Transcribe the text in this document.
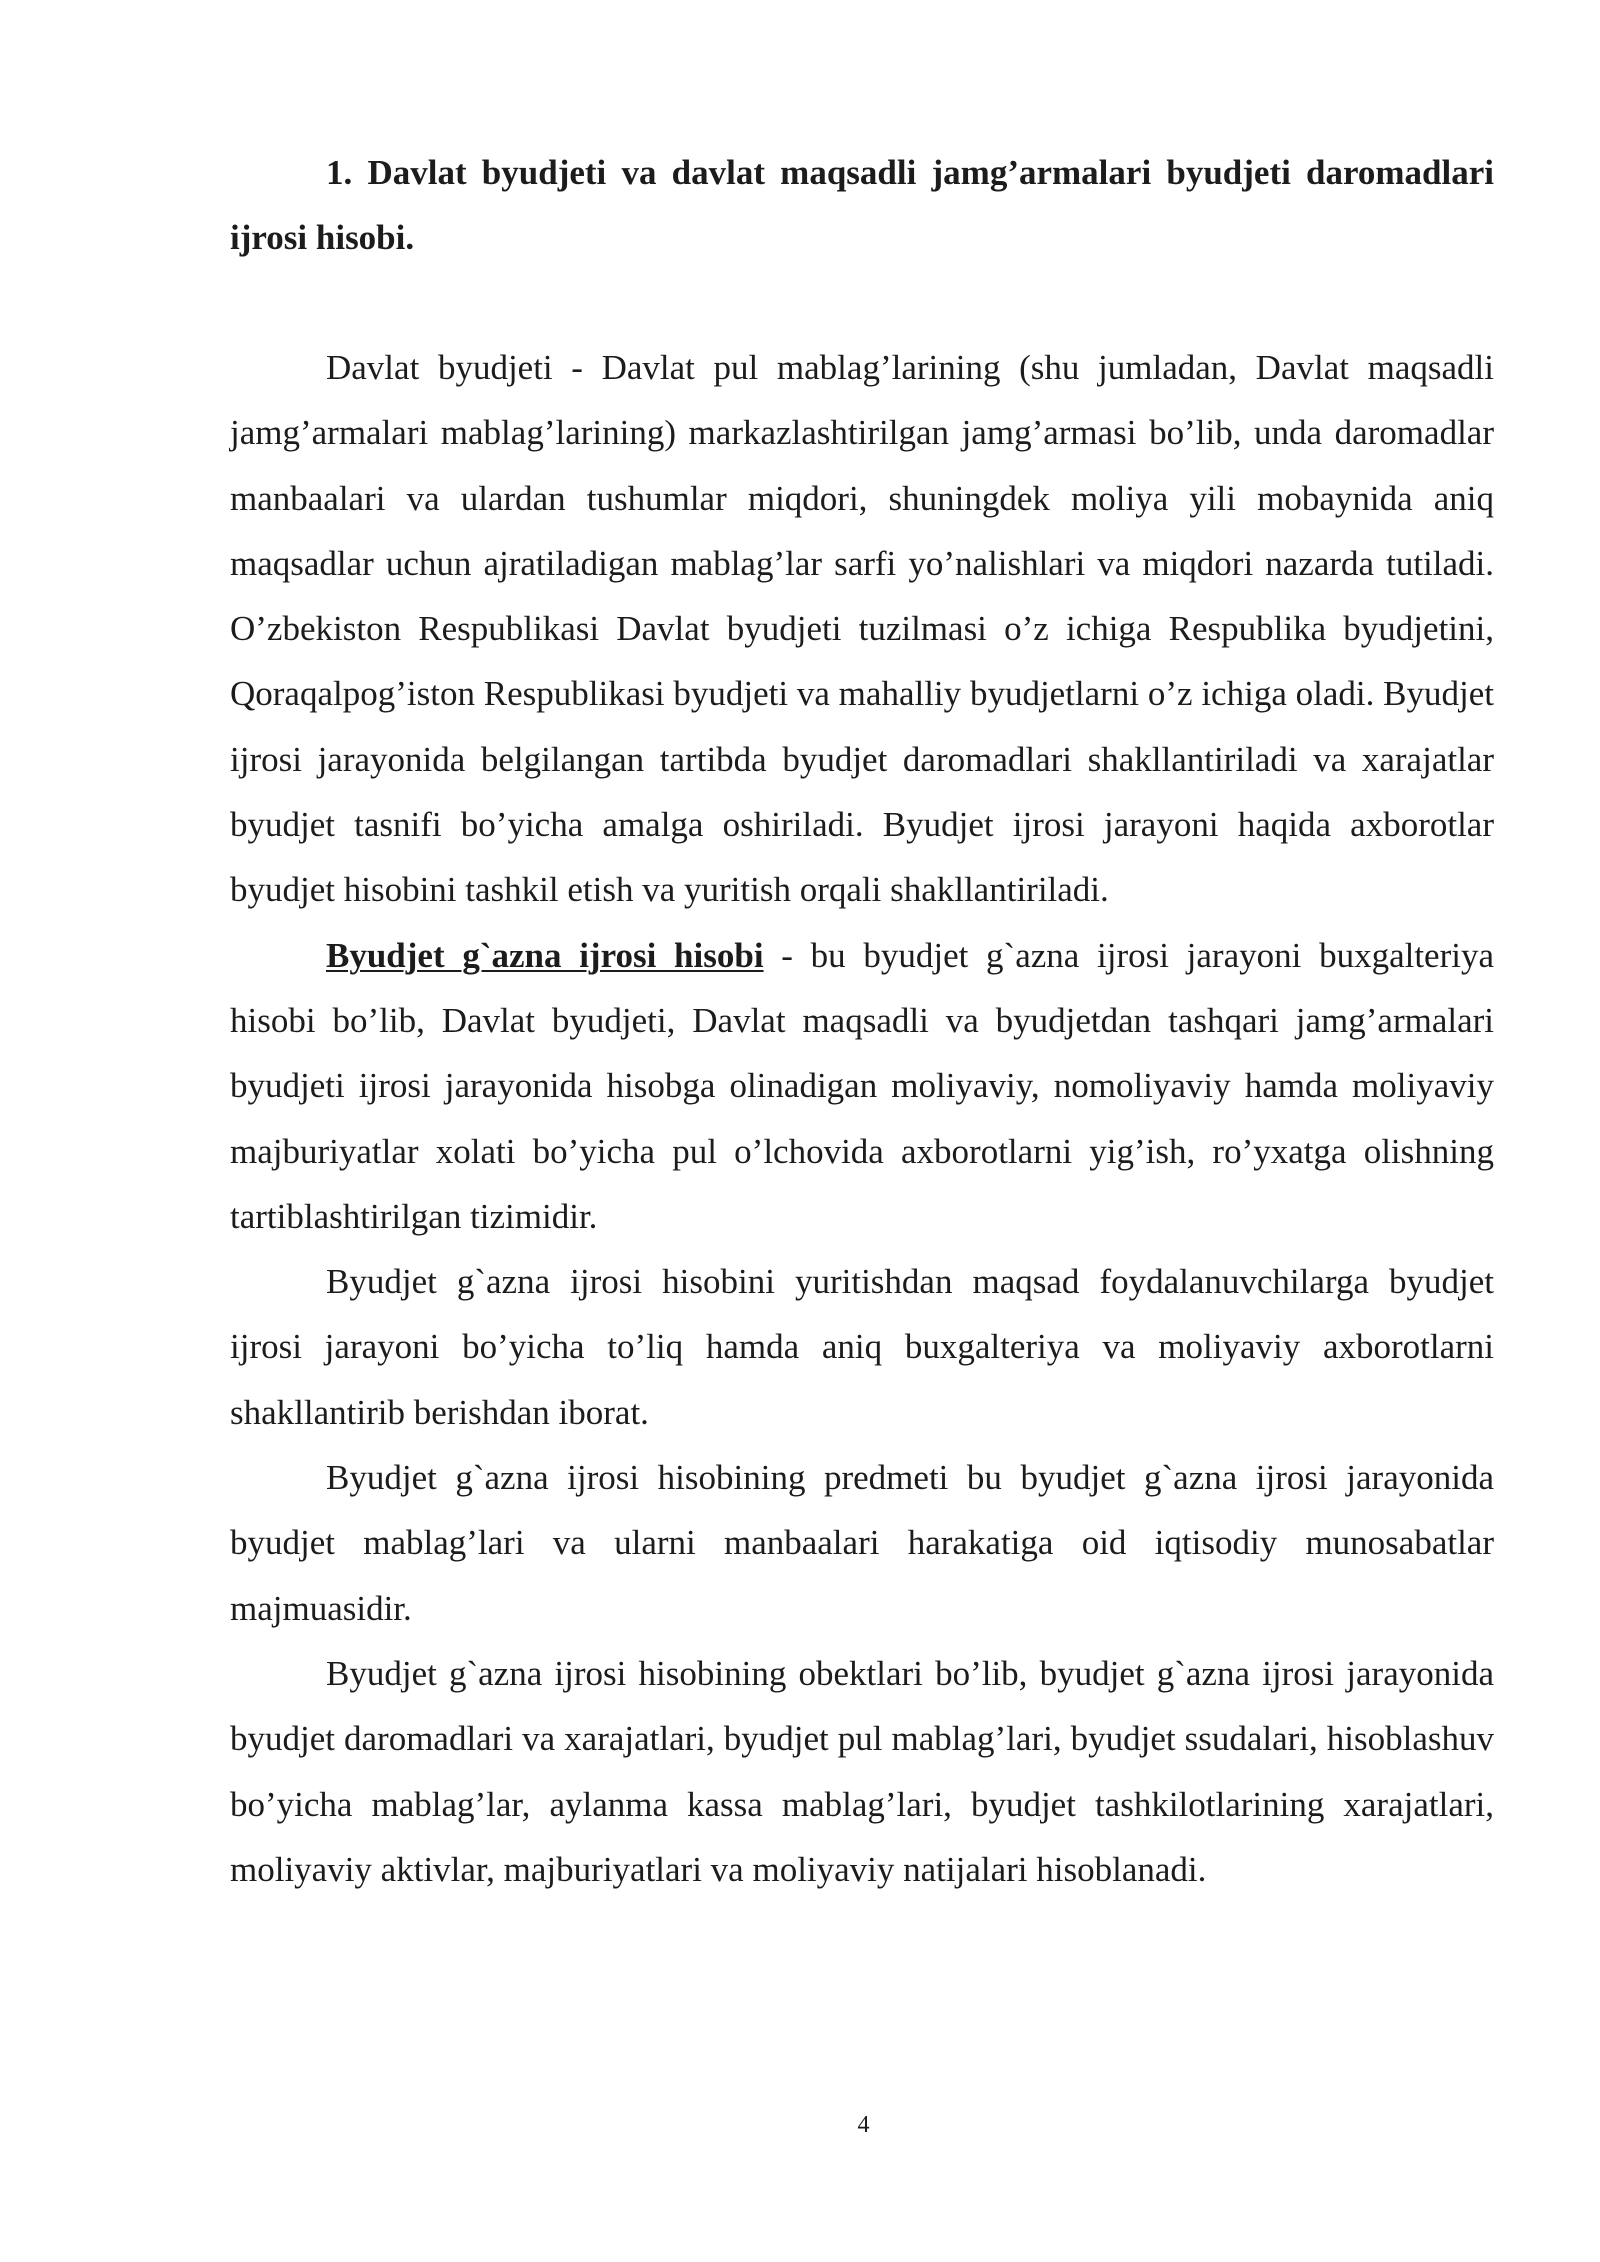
1. Davlat byudjeti va davlat maqsadli jamg’armalari byudjeti daromadlari ijrosi hisobi.

Davlat byudjeti - Davlat pul mablag’larining (shu jumladan, Davlat maqsadli jamg’armalari mablag’larining) markazlashtirilgan jamg’armasi bo’lib, unda daromadlar manbaalari va ulardan tushumlar miqdori, shuningdek moliya yili mobaynida aniq maqsadlar uchun ajratiladigan mablag’lar sarfi yo’nalishlari va miqdori nazarda tutiladi. O’zbekiston Respublikasi Davlat byudjeti tuzilmasi o’z ichiga Respublika byudjetini, Qoraqalpog’iston Respublikasi byudjeti va mahalliy byudjetlarni o’z ichiga oladi. Byudjet ijrosi jarayonida belgilangan tartibda byudjet daromadlari shakllantiriladi va xarajatlar byudjet tasnifi bo’yicha amalga oshiriladi. Byudjet ijrosi jarayoni haqida axborotlar byudjet hisobini tashkil etish va yuritish orqali shakllantiriladi.

Byudjet g`azna ijrosi hisobi - bu byudjet g`azna ijrosi jarayoni buxgalteriya hisobi bo’lib, Davlat byudjeti, Davlat maqsadli va byudjetdan tashqari jamg’armalari byudjeti ijrosi jarayonida hisobga olinadigan moliyaviy, nomoliyaviy hamda moliyaviy majburiyatlar xolati bo’yicha pul o’lchovida axborotlarni yig’ish, ro’yxatga olishning tartiblashtirilgan tizimidir.

Byudjet g`azna ijrosi hisobini yuritishdan maqsad foydalanuvchilarga byudjet ijrosi jarayoni bo’yicha to’liq hamda aniq buxgalteriya va moliyaviy axborotlarni shakllantirib berishdan iborat.

Byudjet g`azna ijrosi hisobining predmeti bu byudjet g`azna ijrosi jarayonida byudjet mablag’lari va ularni manbaalari harakatiga oid iqtisodiy munosabatlar majmuasidir.

Byudjet g`azna ijrosi hisobining obektlari bo’lib, byudjet g`azna ijrosi jarayonida byudjet daromadlari va xarajatlari, byudjet pul mablag’lari, byudjet ssudalari, hisoblashuv bo’yicha mablag’lar, aylanma kassa mablag’lari, byudjet tashkilotlarining xarajatlari, moliyaviy aktivlar, majburiyatlari va moliyaviy natijalari hisoblanadi.

4
